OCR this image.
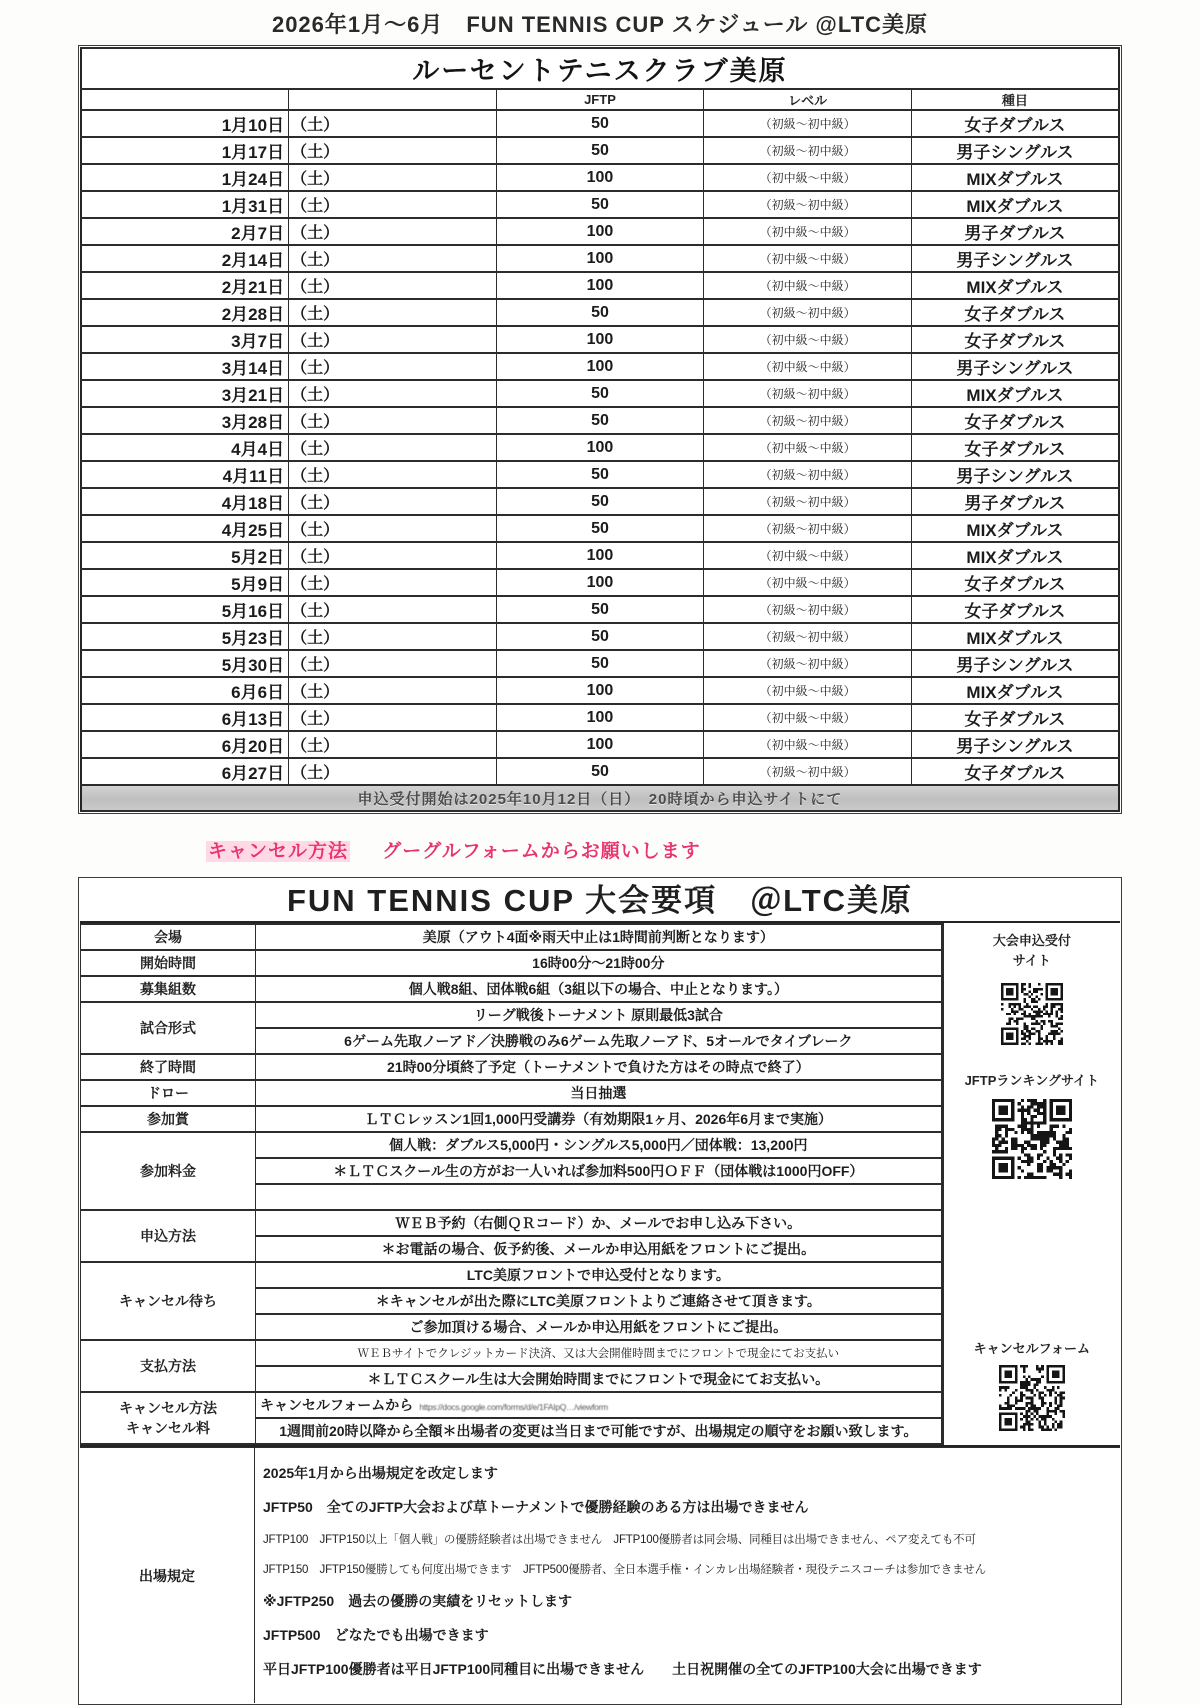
2026年1月～6月　FUN TENNIS CUP スケジュール @LTC美原
ルーセントテニスクラブ美原				
		JFTP	レベル	種目
1月10日	（土）	50	（初級～初中級）	女子ダブルス
1月17日	（土）	50	（初級～初中級）	男子シングルス
1月24日	（土）	100	（初中級～中級）	MIXダブルス
1月31日	（土）	50	（初級～初中級）	MIXダブルス
2月7日	（土）	100	（初中級～中級）	男子ダブルス
2月14日	（土）	100	（初中級～中級）	男子シングルス
2月21日	（土）	100	（初中級～中級）	MIXダブルス
2月28日	（土）	50	（初級～初中級）	女子ダブルス
3月7日	（土）	100	（初中級～中級）	女子ダブルス
3月14日	（土）	100	（初中級～中級）	男子シングルス
3月21日	（土）	50	（初級～初中級）	MIXダブルス
3月28日	（土）	50	（初級～初中級）	女子ダブルス
4月4日	（土）	100	（初中級～中級）	女子ダブルス
4月11日	（土）	50	（初級～初中級）	男子シングルス
4月18日	（土）	50	（初級～初中級）	男子ダブルス
4月25日	（土）	50	（初級～初中級）	MIXダブルス
5月2日	（土）	100	（初中級～中級）	MIXダブルス
5月9日	（土）	100	（初中級～中級）	女子ダブルス
5月16日	（土）	50	（初級～初中級）	女子ダブルス
5月23日	（土）	50	（初級～初中級）	MIXダブルス
5月30日	（土）	50	（初級～初中級）	男子シングルス
6月6日	（土）	100	（初中級～中級）	MIXダブルス
6月13日	（土）	100	（初中級～中級）	女子ダブルス
6月20日	（土）	100	（初中級～中級）	男子シングルス
6月27日	（土）	50	（初級～初中級）	女子ダブルス
申込受付開始は2025年10月12日（日）　20時頃から申込サイトにて				
キャンセル方法 グーグルフォームからお願いします
FUN TENNIS CUP 大会要項　＠LTC美原
会場	美原（アウト4面※雨天中止は1時間前判断となります）

開始時間	16時00分～21時00分

募集組数	個人戦8組、団体戦6組（3組以下の場合、中止となります。）

試合形式	リーグ戦後トーナメント 原則最低3試合
	6ゲーム先取ノーアド／決勝戦のみ6ゲーム先取ノーアド、5オールでタイブレーク

終了時間	21時00分頃終了予定（トーナメントで負けた方はその時点で終了）

ドロー	当日抽選

参加賞	ＬＴＣレッスン1回1,000円受講券（有効期限1ヶ月、2026年6月まで実施）

参加料金	個人戦：ダブルス5,000円・シングルス5,000円／団体戦：13,200円
	＊ＬＴＣスクール生の方がお一人いれば参加料500円ＯＦＦ（団体戦は1000円OFF）

申込方法	ＷＥＢ予約（右側ＱＲコード）か、メールでお申し込み下さい。
	＊お電話の場合、仮予約後、メールか申込用紙をフロントにご提出。

キャンセル待ち	LTC美原フロントで申込受付となります。
	＊キャンセルが出た際にLTC美原フロントよりご連絡させて頂きます。
	ご参加頂ける場合、メールか申込用紙をフロントにご提出。

支払方法	ＷＥＢサイトでクレジットカード決済、又は大会開催時間までにフロントで現金にてお支払い
	＊ＬＴＣスクール生は大会開始時間までにフロントで現金にてお支払い。

キャンセル方法
キャンセル料	キャンセルフォームから https://docs.google.com/forms/d/e/1FAIpQ…/viewform
	1週間前20時以降から全額＊出場者の変更は当日まで可能ですが、出場規定の順守をお願い致します。
大会申込受付
サイト
JFTPランキングサイト
キャンセルフォーム
出場規定
2025年1月から出場規定を改定します
JFTP50　全てのJFTP大会および草トーナメントで優勝経験のある方は出場できません
JFTP100　JFTP150以上「個人戦」の優勝経験者は出場できません　JFTP100優勝者は同会場、同種目は出場できません、ペア変えても不可
JFTP150　JFTP150優勝しても何度出場できます　JFTP500優勝者、全日本選手権・インカレ出場経験者・現役テニスコーチは参加できません
※JFTP250　過去の優勝の実績をリセットします
JFTP500　どなたでも出場できます
平日JFTP100優勝者は平日JFTP100同種目に出場できません　　土日祝開催の全てのJFTP100大会に出場できます
